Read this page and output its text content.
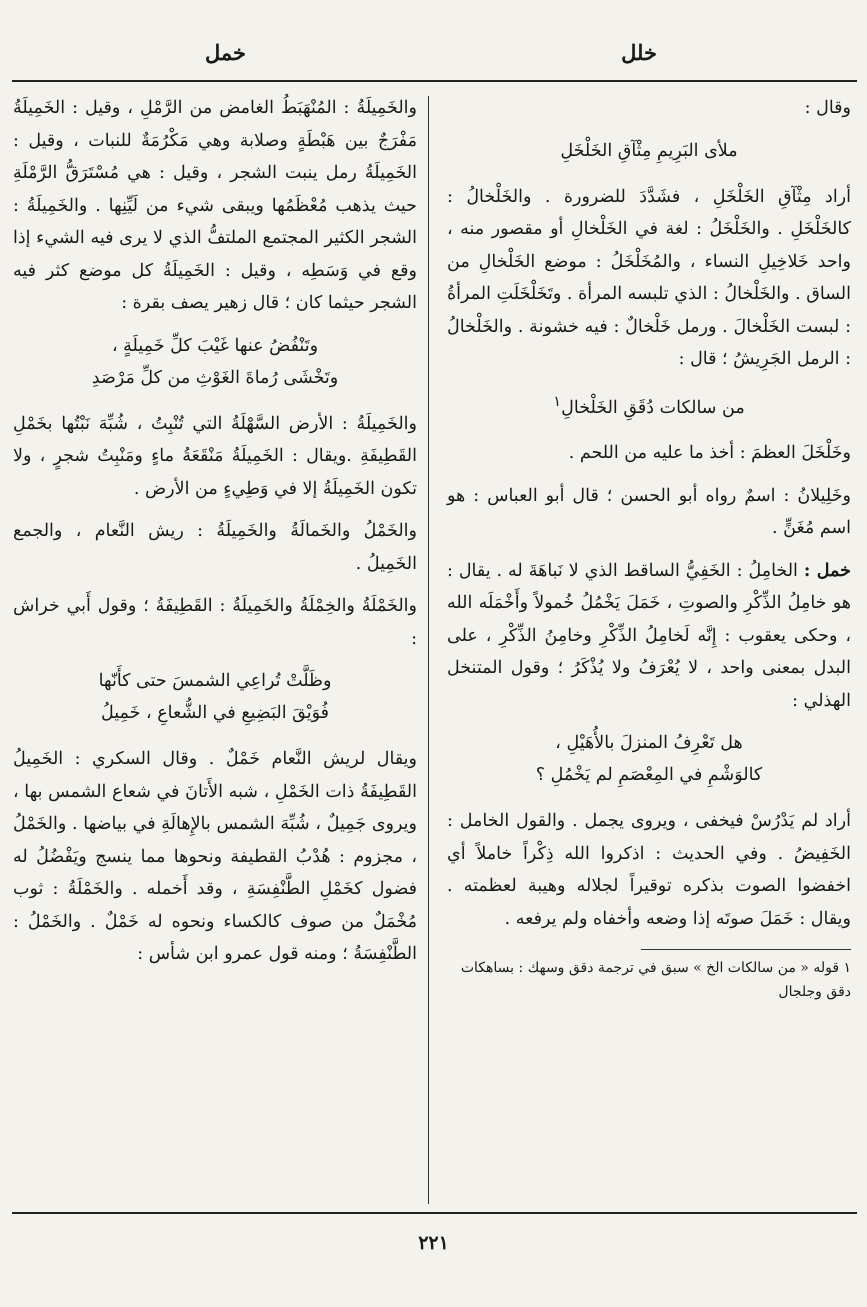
خلل
خمل

وقال :

ملأى البَرِيمِ مِثْآقِ الخَلْخَلِ

أراد مِثْآقِ الخَلْخَلِ ، فشَدَّدَ للضرورة . والخَلْخالُ : كالخَلْخَلِ . والخَلْخَلُ : لغة في الخَلْخالِ أو مقصور منه ، واحد خَلاخِيلِ النساء ، والمُخَلْخَلُ : موضع الخَلْخالِ من الساق . والخَلْخالُ : الذي تلبسه المرأة . وتَخَلْخَلَتِ المرأةُ : لبست الخَلْخالَ . ورمل خَلْخالٌ : فيه خشونة . والخَلْخالُ : الرمل الجَرِيشُ ؛ قال :

من سالكات دُقَقِ الخَلْخالِ$^١$

وخَلْخَلَ العظمَ : أخذ ما عليه من اللحم .

وخَلِيلانُ : اسمٌ رواه أبو الحسن ؛ قال أبو العباس : هو اسم مُغَنٍّ .

خمل : الخامِلُ : الخَفِيُّ الساقط الذي لا نَباهَةَ له . يقال : هو خامِلُ الذِّكْرِ والصوتِ ، خَمَلَ يَخْمُلُ خُمولاً وأَخْمَلَه الله ، وحكى يعقوب : إِنَّه لَخامِلُ الذِّكْرِ وخامِنُ الذِّكْرِ ، على البدل بمعنى واحد ، لا يُعْرَفُ ولا يُذْكَرُ ؛ وقول المتنخل الهذلي :

هل تَعْرِفُ المنزلَ بالأُهَيْلِ ،
كالوَشْمِ في المِعْصَمِ لم يَخْمُلِ ؟

أراد لم يَدْرُسْ فيخفى ، ويروى يجمل . والقول الخامل : الخَفِيضُ . وفي الحديث : اذكروا الله ذِكْراً خاملاً أي اخفضوا الصوت بذكره توقيراً لجلاله وهيبة لعظمته . ويقال : خَمَلَ صوتَه إذا وضعه وأخفاه ولم يرفعه .

١ قوله « من سالكات الخ » سبق في ترجمة دقق وسهك : بساهكات دقق وجلجال

والخَمِيلَةُ : المُنْهَبَطُ الغامض من الرَّمْلِ ، وقيل : الخَمِيلَةُ مَفْرَجٌ بين هَبْطَةٍ وصلابة وهي مَكْرُمَةٌ للنبات ، وقيل : الخَمِيلَةُ رمل ينبت الشجر ، وقيل : هي مُسْتَرَقُّ الرَّمْلَةِ حيث يذهب مُعْظَمُها ويبقى شيء من لَيِّنِها . والخَمِيلَةُ : الشجر الكثير المجتمع الملتفُّ الذي لا يرى فيه الشيء إذا وقع في وَسَطِه ، وقيل : الخَمِيلَةُ كل موضع كثر فيه الشجر حيثما كان ؛ قال زهير يصف بقرة :

وتَنْفُضُ عنها غَيْبَ كلِّ خَمِيلَةٍ ،
وتَخْشَى رُماةَ الغَوْثِ من كلِّ مَرْصَدِ

والخَمِيلَةُ : الأرض السَّهْلَةُ التي تُنْبِتُ ، شُبِّهَ نَبْتُها بخَمْلِ القَطِيفَةِ .ويقال : الخَمِيلَةُ مَنْقَعَةُ ماءٍ ومَنْبِتُ شجرٍ ، ولا تكون الخَمِيلَةُ إلا في وَطِيءٍ من الأرض .

والخَمْلُ والخَمالَةُ والخَمِيلَةُ : ريش النَّعام ، والجمع الخَمِيلُ .

والخَمْلَةُ والخِمْلَةُ والخَمِيلَةُ : القَطِيفَةُ ؛ وقول أَبي خراش :

وظَلَّتْ تُراعِي الشمسَ حتى كأَنّها
فُوَيْقَ البَضِيعِ في الشُّعاعِ ، خَمِيلُ

ويقال لريش النَّعام خَمْلٌ . وقال السكري : الخَمِيلُ القَطِيفَةُ ذات الخَمْلِ ، شبه الأَتانَ في شعاع الشمس بها ، ويروى جَمِيلٌ ، شُبِّهَ الشمس بالإِهالَةِ في بياضها . والخَمْلُ ، مجزوم : هُدْبُ القطيفة ونحوها مما ينسج ويَفْضُلُ له فضول كخَمْلِ الطَّنْفِسَةِ ، وقد أَخمله . والخَمْلَةُ : ثوب مُخْمَلٌ من صوف كالكساء ونحوه له خَمْلٌ . والخَمْلُ : الطَّنْفِسَةُ ؛ ومنه قول عمرو ابن شأس :

٢٢١
